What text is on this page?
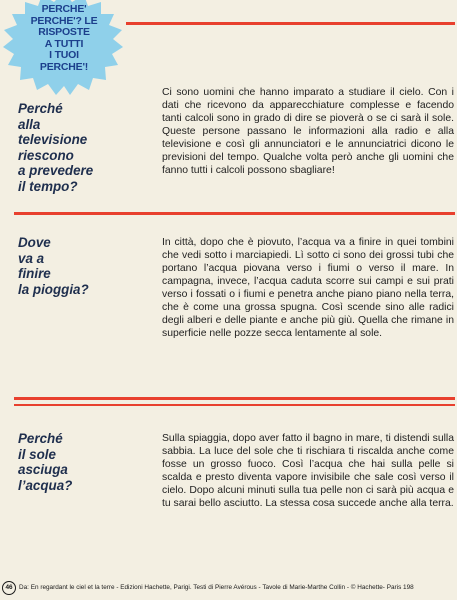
PERCHE'
PERCHE'? LE RISPOSTE
A TUTTI
I TUOI
PERCHE'!
Perché
alla
televisione
riescono
a prevedere
il tempo?
Ci sono uomini che hanno imparato a studiare il cielo. Con i dati che ricevono da apparecchiature complesse e facendo tanti calcoli sono in grado di dire se pioverà o se ci sarà il sole. Queste persone passano le informazioni alla radio e alla televisione e così gli annunciatori e le annunciatrici dicono le previsioni del tempo. Qualche volta però anche gli uomini che fanno tutti i calcoli possono sbagliare!
Dove
va a
finire
la pioggia?
In città, dopo che è piovuto, l’acqua va a finire in quei tombini che vedi sotto i marciapiedi. Lì sotto ci sono dei grossi tubi che portano l’acqua piovana verso i fiumi o verso il mare. In campagna, invece, l’acqua caduta scorre sui campi e sui prati verso i fossati o i fiumi e penetra anche piano piano nella terra, che è come una grossa spugna. Così scende sino alle radici degli alberi e delle piante e anche più giù. Quella che rimane in superficie nelle pozze secca lentamente al sole.
Perché
il sole
asciuga
l’acqua?
Sulla spiaggia, dopo aver fatto il bagno in mare, ti distendi sulla sabbia. La luce del sole che ti rischiara ti riscalda anche come fosse un grosso fuoco. Così l’acqua che hai sulla pelle si scalda e presto diventa vapore invisibile che sale così verso il cielo. Dopo alcuni minuti sulla tua pelle non ci sarà più acqua e tu sarai bello asciutto. La stessa cosa succede anche alla terra.
46 Da: En regardant le ciel et la terre - Edizioni Hachette, Parigi. Testi di Pierre Avérous - Tavole di Marie-Marthe Collin - © Hachette- Paris 198
